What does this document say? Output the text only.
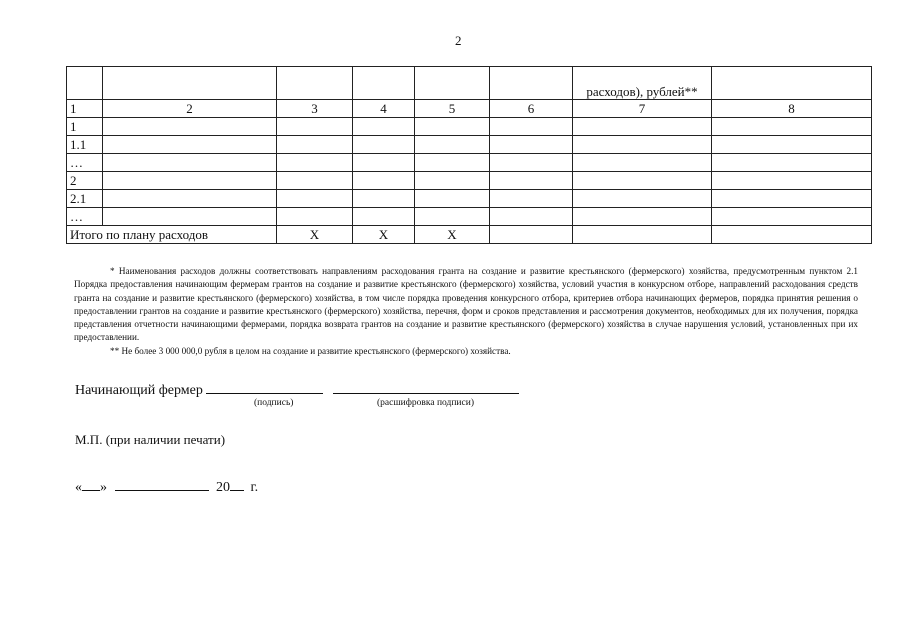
2
						расходов), рублей**	
1	2	3	4	5	6	7	8
1							
1.1							
…							
2							
2.1							
…							
Итого по плану расходов		Х	Х	Х			

* Наименования расходов должны соответствовать направлениям расходования гранта на создание и развитие крестьянского (фермерского) хозяйства, предусмотренным пунктом 2.1 Порядка предоставления начинающим фермерам грантов на создание и развитие крестьянского (фермерского) хозяйства, условий участия в конкурсном отборе, направлений расходования средств гранта на создание и развитие крестьянского (фермерского) хозяйства, в том числе порядка проведения конкурсного отбора, критериев отбора начинающих фермеров, порядка принятия решения о предоставлении грантов на создание и развитие крестьянского (фермерского) хозяйства, перечня, форм и сроков представления и рассмотрения документов, необходимых для их получения, порядка представления отчетности начинающими фермерами, порядка возврата грантов на создание и развитие крестьянского (фермерского) хозяйства в случае нарушения условий, установленных при их предоставлении.

** Не более 3 000 000,0 рубля в целом на создание и развитие крестьянского (фермерского) хозяйства.

Начинающий фермер
(подпись)	(расшифровка подписи)
М.П. (при наличии печати)
« »	20 г.
